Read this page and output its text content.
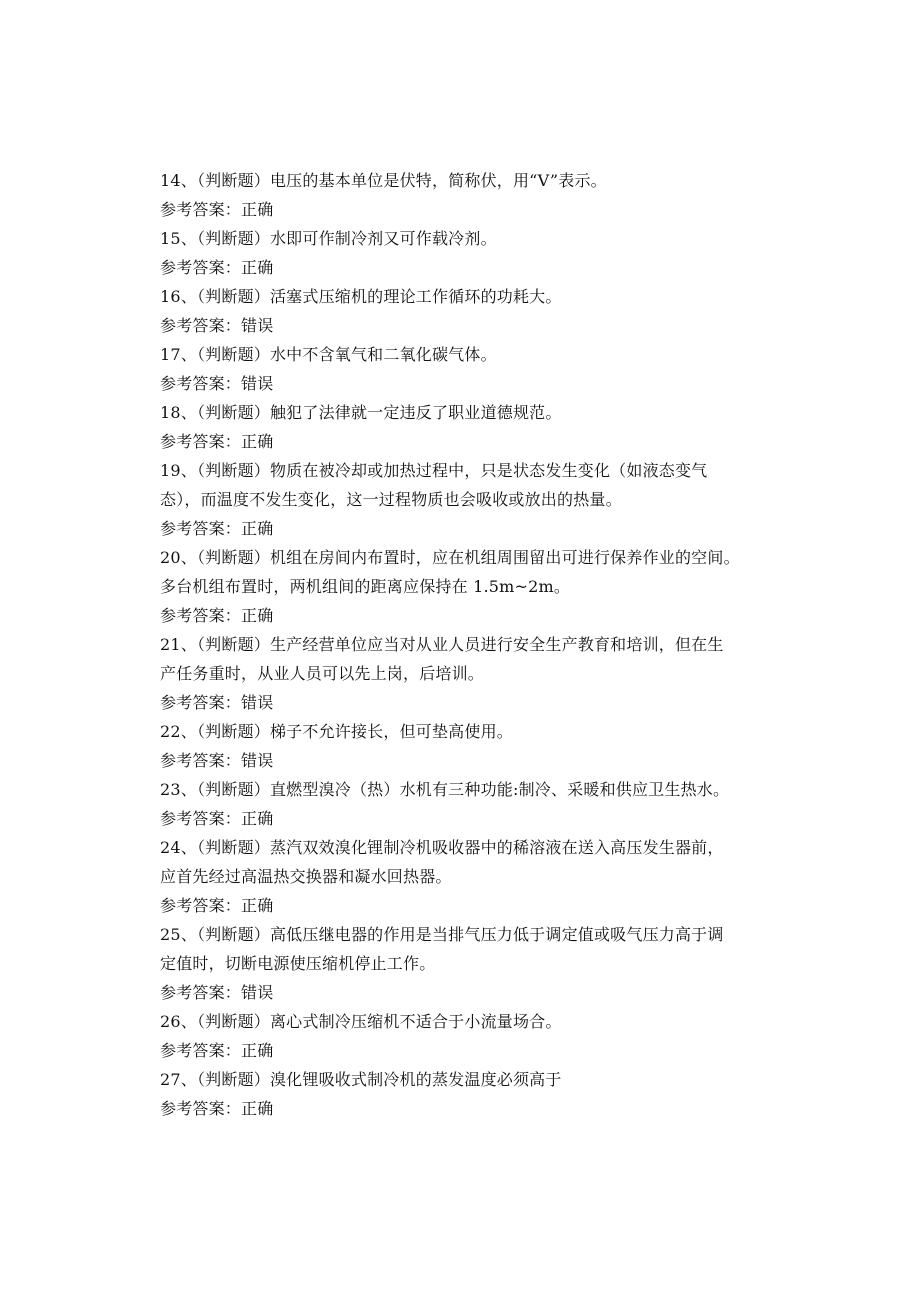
14、（判断题）电压的基本单位是伏特，简称伏，用“V”表示。
参考答案：正确
15、（判断题）水即可作制冷剂又可作载冷剂。
参考答案：正确
16、（判断题）活塞式压缩机的理论工作循环的功耗大。
参考答案：错误
17、（判断题）水中不含氧气和二氧化碳气体。
参考答案：错误
18、（判断题）触犯了法律就一定违反了职业道德规范。
参考答案：正确
19、（判断题）物质在被冷却或加热过程中，只是状态发生变化（如液态变气
态），而温度不发生变化，这一过程物质也会吸收或放出的热量。
参考答案：正确
20、（判断题）机组在房间内布置时，应在机组周围留出可进行保养作业的空间。
多台机组布置时，两机组间的距离应保持在 1.5m~2m。
参考答案：正确
21、（判断题）生产经营单位应当对从业人员进行安全生产教育和培训，但在生
产任务重时，从业人员可以先上岗，后培训。
参考答案：错误
22、（判断题）梯子不允许接长，但可垫高使用。
参考答案：错误
23、（判断题）直燃型溴冷（热）水机有三种功能:制冷、采暖和供应卫生热水。
参考答案：正确
24、（判断题）蒸汽双效溴化锂制冷机吸收器中的稀溶液在送入高压发生器前，
应首先经过高温热交换器和凝水回热器。
参考答案：正确
25、（判断题）高低压继电器的作用是当排气压力低于调定值或吸气压力高于调
定值时，切断电源使压缩机停止工作。
参考答案：错误
26、（判断题）离心式制冷压缩机不适合于小流量场合。
参考答案：正确
27、（判断题）溴化锂吸收式制冷机的蒸发温度必须高于
参考答案：正确
